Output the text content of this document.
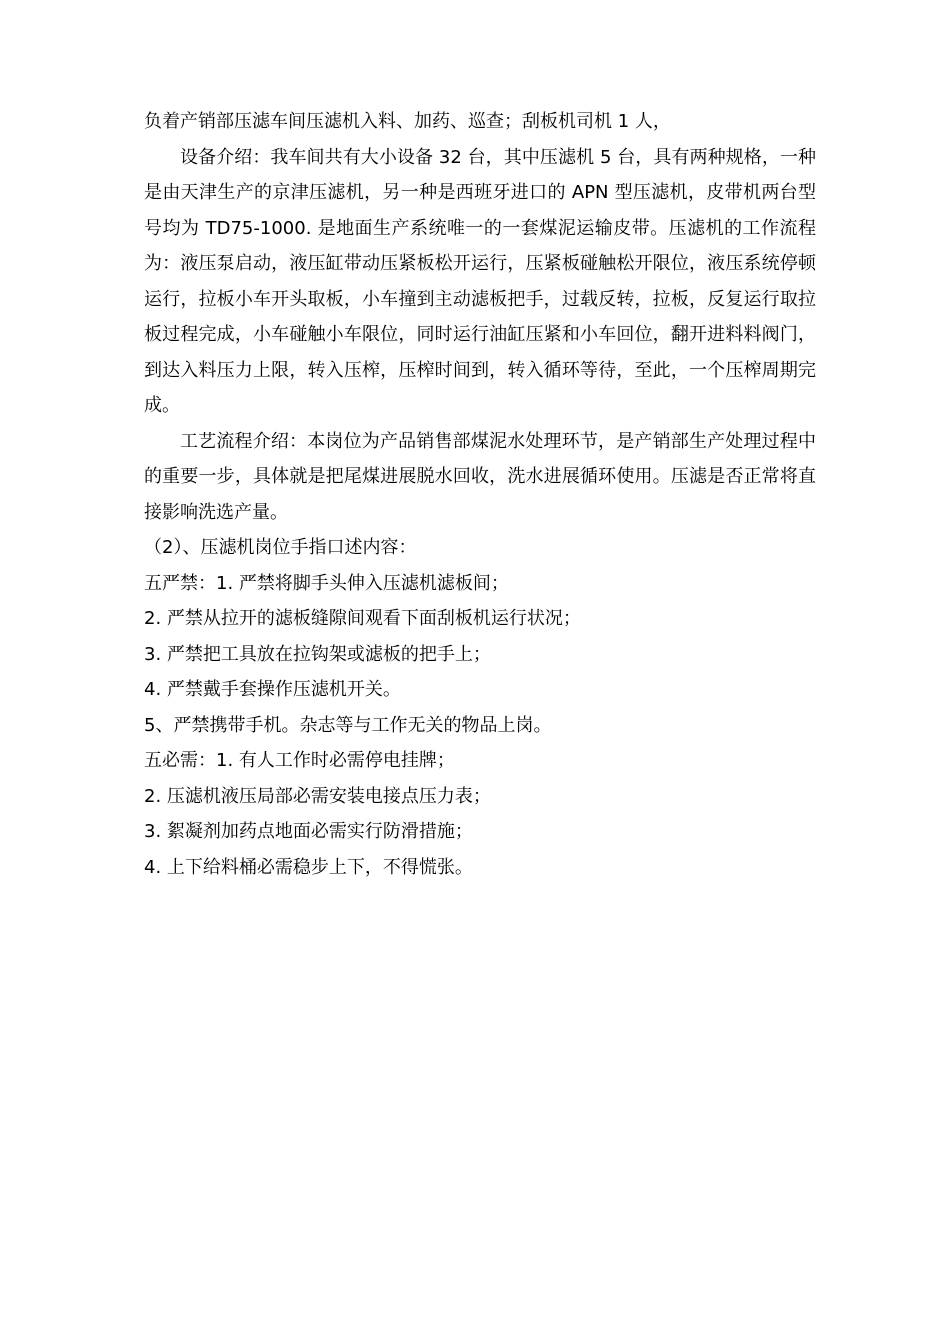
负着产销部压滤车间压滤机入料、加药、巡查；刮板机司机 1 人，

设备介绍：我车间共有大小设备 32 台，其中压滤机 5 台，具有两种规格，一种是由天津生产的京津压滤机，另一种是西班牙进口的 APN 型压滤机，皮带机两台型号均为 TD75-1000. 是地面生产系统唯一的一套煤泥运输皮带。压滤机的工作流程为：液压泵启动，液压缸带动压紧板松开运行，压紧板碰触松开限位，液压系统停顿运行，拉板小车开头取板，小车撞到主动滤板把手，过载反转，拉板，反复运行取拉板过程完成，小车碰触小车限位，同时运行油缸压紧和小车回位，翻开进料料阀门，到达入料压力上限，转入压榨，压榨时间到，转入循环等待，至此，一个压榨周期完成。

工艺流程介绍：本岗位为产品销售部煤泥水处理环节，是产销部生产处理过程中的重要一步，具体就是把尾煤进展脱水回收，洗水进展循环使用。压滤是否正常将直接影响洗选产量。

（2）、压滤机岗位手指口述内容：

五严禁：1. 严禁将脚手头伸入压滤机滤板间；

2. 严禁从拉开的滤板缝隙间观看下面刮板机运行状况；

3. 严禁把工具放在拉钩架或滤板的把手上；

4. 严禁戴手套操作压滤机开关。

5、严禁携带手机。杂志等与工作无关的物品上岗。

五必需：1. 有人工作时必需停电挂牌；

2. 压滤机液压局部必需安装电接点压力表；

3. 絮凝剂加药点地面必需实行防滑措施；

4. 上下给料桶必需稳步上下，不得慌张。
